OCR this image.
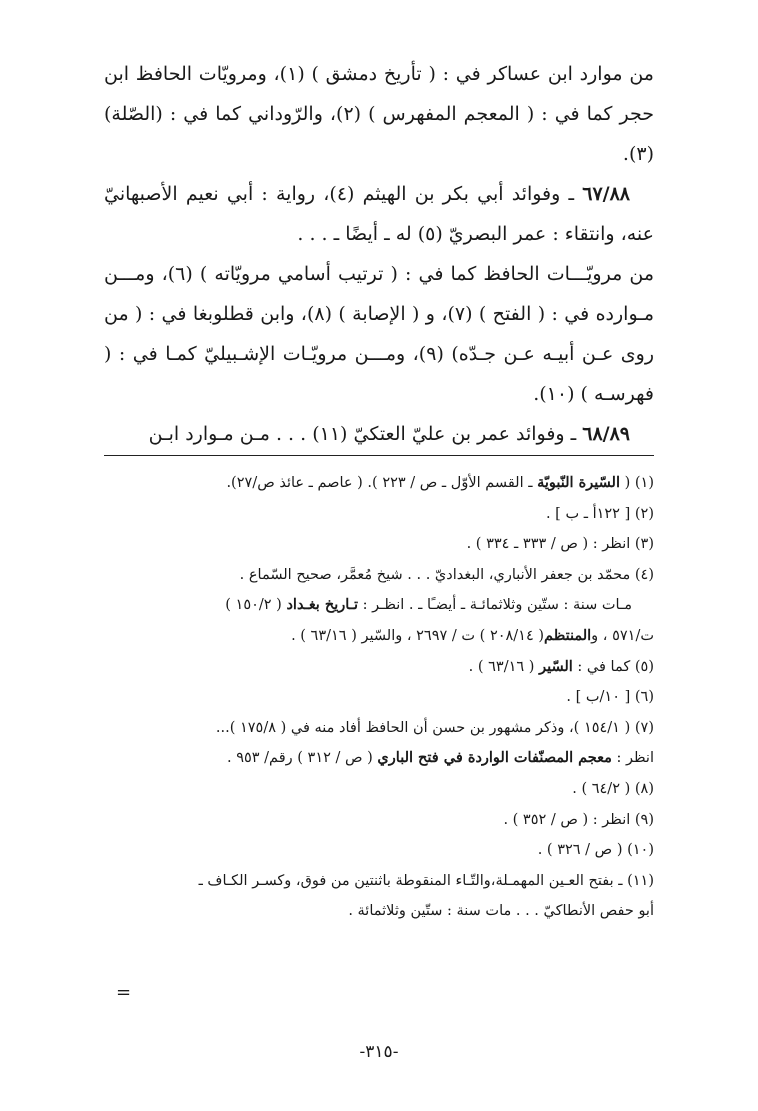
من موارد ابن عساكر في : ( تأريخ دمشق ) (١)، ومرويّات الحافظ ابن حجر كما في : ( المعجم المفهرس ) (٢)، والرّوداني كما في : (الصّلة)(٣).

٦٧/٨٨ ـ وفوائد أبي بكر بن الهيثم (٤)، رواية : أبي نعيم الأصبهانيّ عنه، وانتقاء : عمر البصريّ (٥) له ـ أيضًا ـ . . .

من مرويّـــات الحافظ كما في : ( ترتيب أسامي مرويّاته ) (٦)، ومـــن مـوارده في : ( الفتح ) (٧)، و ( الإصابة ) (٨)، وابن قطلوبغا في : ( من روى عـن أبيـه عـن جـدّه) (٩)، ومـــن مرويّـات الإشـبيليّ كمـا في : ( فهرسـه ) (١٠).

٦٨/٨٩ ـ وفوائد عمر بن عليّ العتكيّ (١١) . . . مـن مـوارد ابـن

(١) ( السّيرة النّبويّة ـ القسم الأوّل ـ ص / ٢٢٣ ). ( عاصم ـ عائذ ص/٢٧).
(٢) [ ١٢٢أ ـ ب ] .
(٣) انظر : ( ص / ٣٣٣ ـ ٣٣٤ ) .
(٤) محمّد بن جعفر الأنباري، البغداديّ . . . شيخ مُعمَّر، صحيح السّماع .
مـات سنة : ستّين وثلاثمائـة ـ أيضـًا ـ . انظـر : تـاريخ بغـداد ( ١٥٠/٢ )
ت/٥٧١ ، والمنتظم( ٢٠٨/١٤ ) ت / ٢٦٩٧ ، والسّير ( ٦٣/١٦ ) .
(٥) كما في : السّير ( ٦٣/١٦ ) .
(٦) [ ١٠/ب ] .
(٧) ( ١٥٤/١ )، وذكر مشهور بن حسن أن الحافظ أفاد منه في ( ١٧٥/٨ )...
انظر : معجم المصنّفات الواردة في فتح الباري ( ص / ٣١٢ ) رقم/ ٩٥٣ .
(٨) ( ٦٤/٢ ) .
(٩) انظر : ( ص / ٣٥٢ ) .
(١٠) ( ص / ٣٢٦ ) .
(١١) ـ بفتح العـين المهمـلة،والتّـاء المنقوطة باثنتين من فوق، وكسـر الكـاف ـ
أبو حفص الأنطاكيّ . . . مات سنة : ستّين وثلاثمائة .
=
-٣١٥-
